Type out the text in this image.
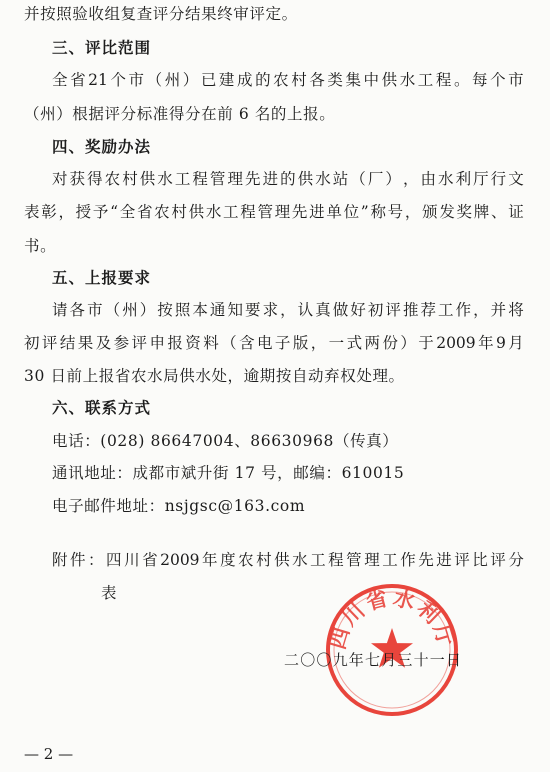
并按照验收组复查评分结果终审评定。
三、评比范围
全 省 21 个 市 （ 州 ） 已 建 成 的 农 村 各 类 集 中 供 水 工 程 。 每 个 市
（州）根据评分标准得分在前 6 名的上报。
四、奖励办法
对 获 得 农 村 供 水 工 程 管 理 先 进 的 供 水 站 （ 厂 ） ， 由 水 利 厅 行 文
表 彰 ， 授 予 “ 全 省 农 村 供 水 工 程 管 理 先 进 单 位 ” 称 号 ， 颁 发 奖 牌 、 证
书。
五、上报要求
请 各 市 （ 州 ） 按 照 本 通 知 要 求 ， 认 真 做 好 初 评 推 荐 工 作 ， 并 将
初 评 结 果 及 参 评 申 报 资 料 （ 含 电 子 版 ， 一 式 两 份 ） 于 2009 年 9 月
30 日前上报省农水局供水处，逾期按自动弃权处理。
六、联系方式
电话：(028) 86647004、86630968（传真）
通讯地址：成都市斌升街 17 号，邮编：610015
电子邮件地址：nsjgsc@163.com
附 件 ： 四 川 省 2009 年 度 农 村 供 水 工 程 管 理 工 作 先 进 评 比 评 分
表
四川省水利厅
二〇〇九年七月三十一日
— 2 —
